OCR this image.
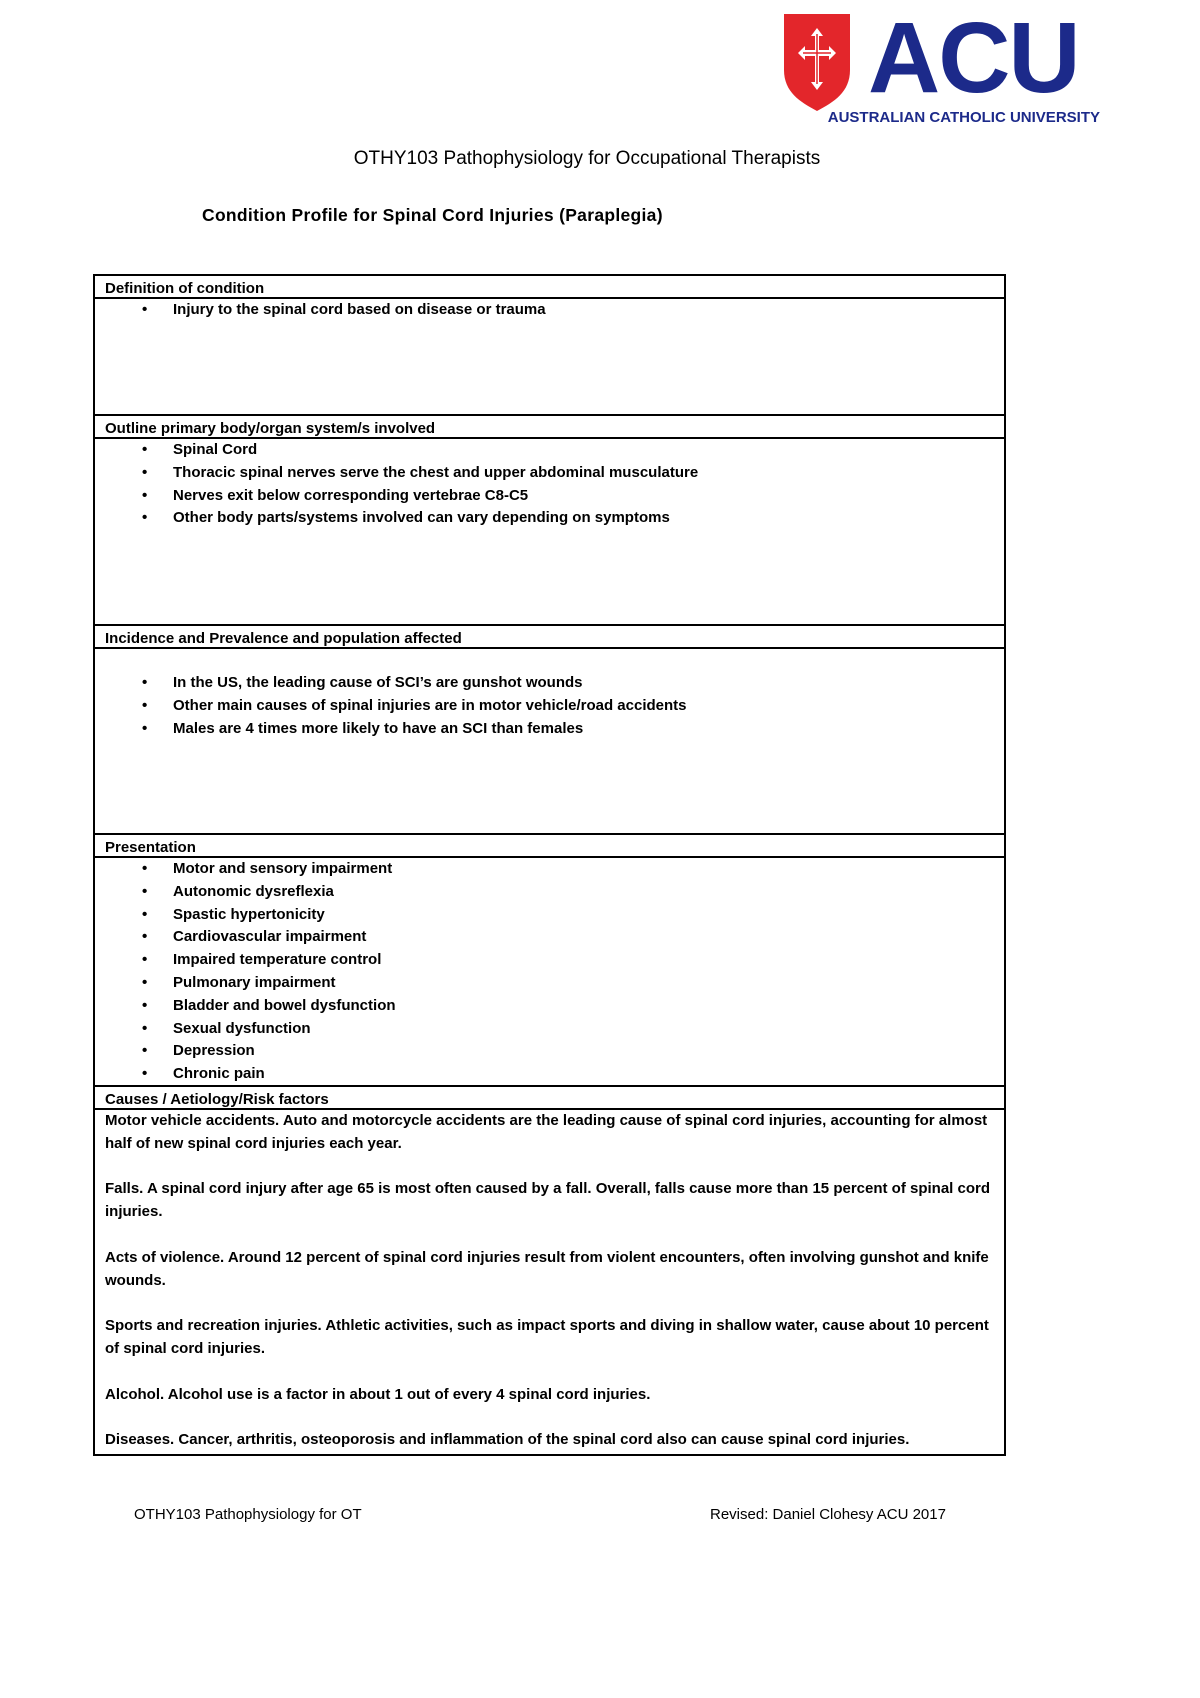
ACU
AUSTRALIAN CATHOLIC UNIVERSITY
OTHY103 Pathophysiology for Occupational Therapists
Condition Profile for Spinal Cord Injuries (Paraplegia)
Definition of condition
• Injury to the spinal cord based on disease or trauma
Outline primary body/organ system/s involved
• Spinal Cord
• Thoracic spinal nerves serve the chest and upper abdominal musculature
• Nerves exit below corresponding vertebrae C8-C5
• Other body parts/systems involved can vary depending on symptoms
Incidence and Prevalence and population affected
• In the US, the leading cause of SCI’s are gunshot wounds
• Other main causes of spinal injuries are in motor vehicle/road accidents
• Males are 4 times more likely to have an SCI than females
Presentation
• Motor and sensory impairment
• Autonomic dysreflexia
• Spastic hypertonicity
• Cardiovascular impairment
• Impaired temperature control
• Pulmonary impairment
• Bladder and bowel dysfunction
• Sexual dysfunction
• Depression
• Chronic pain
Causes / Aetiology/Risk factors

Motor vehicle accidents. Auto and motorcycle accidents are the leading cause of spinal cord injuries, accounting for almost half of new spinal cord injuries each year.

Falls. A spinal cord injury after age 65 is most often caused by a fall. Overall, falls cause more than 15 percent of spinal cord injuries.

Acts of violence. Around 12 percent of spinal cord injuries result from violent encounters, often involving gunshot and knife wounds.

Sports and recreation injuries. Athletic activities, such as impact sports and diving in shallow water, cause about 10 percent of spinal cord injuries.

Alcohol. Alcohol use is a factor in about 1 out of every 4 spinal cord injuries.

Diseases. Cancer, arthritis, osteoporosis and inflammation of the spinal cord also can cause spinal cord injuries.

OTHY103 Pathophysiology for OT	Revised: Daniel Clohesy ACU 2017
